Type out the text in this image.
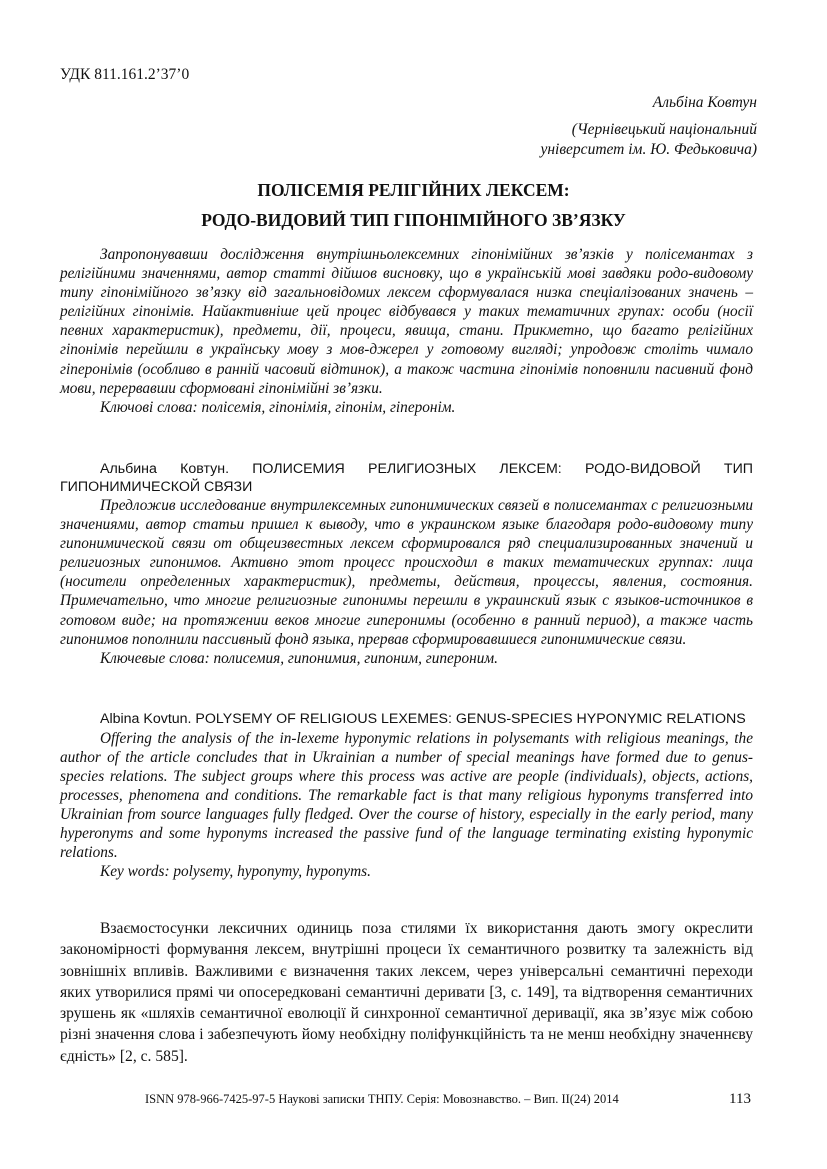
УДК 811.161.2’37’0
Альбіна Ковтун
(Чернівецький національний
університет ім. Ю. Федьковича)
ПОЛІСЕМІЯ РЕЛІГІЙНИХ ЛЕКСЕМ:
РОДО-ВИДОВИЙ ТИП ГІПОНІМІЙНОГО ЗВ’ЯЗКУ

Запропонувавши дослідження внутрішньолексемних гіпонімійних зв’язків у полісемантах з релігійними значеннями, автор статті дійшов висновку, що в українській мові завдяки родо-видовому типу гіпонімійного зв’язку від загальновідомих лексем сформувалася низка спеціалізованих значень – релігійних гіпонімів. Найактивніше цей процес відбувався у таких тематичних групах: особи (носії певних характеристик), предмети, дії, процеси, явища, стани. Прикметно, що багато релігійних гіпонімів перейшли в українську мову з мов-джерел у готовому вигляді; упродовж століть чимало гіперонімів (особливо в ранній часовий відтинок), а також частина гіпонімів поповнили пасивний фонд мови, перервавши сформовані гіпонімійні зв’язки.

Ключові слова: полісемія, гіпонімія, гіпонім, гіперонім.

Альбина Ковтун. ПОЛИСЕМИЯ РЕЛИГИОЗНЫХ ЛЕКСЕМ: РОДО-ВИДОВОЙ ТИП ГИПОНИМИЧЕСКОЙ СВЯЗИ

Предложив исследование внутрилексемных гипонимических связей в полисемантах с религиозными значениями, автор статьи пришел к выводу, что в украинском языке благодаря родо-видовому типу гипонимической связи от общеизвестных лексем сформировался ряд специализированных значений и религиозных гипонимов. Активно этот процесс происходил в таких тематических группах: лица (носители определенных характеристик), предметы, действия, процессы, явления, состояния. Примечательно, что многие религиозные гипонимы перешли в украинский язык с языков-источников в готовом виде; на протяжении веков многие гиперонимы (особенно в ранний период), а также часть гипонимов пополнили пассивный фонд языка, прервав сформировавшиеся гипонимические связи.

Ключевые слова: полисемия, гипонимия, гипоним, гипероним.

Albina Kovtun. POLYSEMY OF RELIGIOUS LEXEMES: GENUS-SPECIES HYPONYMIC RELATIONS

Offering the analysis of the in-lexeme hyponymic relations in polysemants with religious meanings, the author of the article concludes that in Ukrainian a number of special meanings have formed due to genus-species relations. The subject groups where this process was active are people (individuals), objects, actions, processes, phenomena and conditions. The remarkable fact is that many religious hyponyms transferred into Ukrainian from source languages fully fledged. Over the course of history, especially in the early period, many hyperonyms and some hyponyms increased the passive fund of the language terminating existing hyponymic relations.

Key words: polysemy, hyponymy, hyponyms.

Взаємостосунки лексичних одиниць поза стилями їх використання дають змогу окреслити закономірності формування лексем, внутрішні процеси їх семантичного розвитку та залежність від зовнішніх впливів. Важливими є визначення таких лексем, через універсальні семантичні переходи яких утворилися прямі чи опосередковані семантичні деривати [3, с. 149], та відтворення семантичних зрушень як «шляхів семантичної еволюції й синхронної семантичної деривації, яка зв’язує між собою різні значення слова і забезпечують йому необхідну поліфункційність та не менш необхідну значеннєву єдність» [2, с. 585].

ISNN 978-966-7425-97-5 Наукові записки ТНПУ. Серія: Мовознавство. – Вип. ІІ(24) 2014	113
